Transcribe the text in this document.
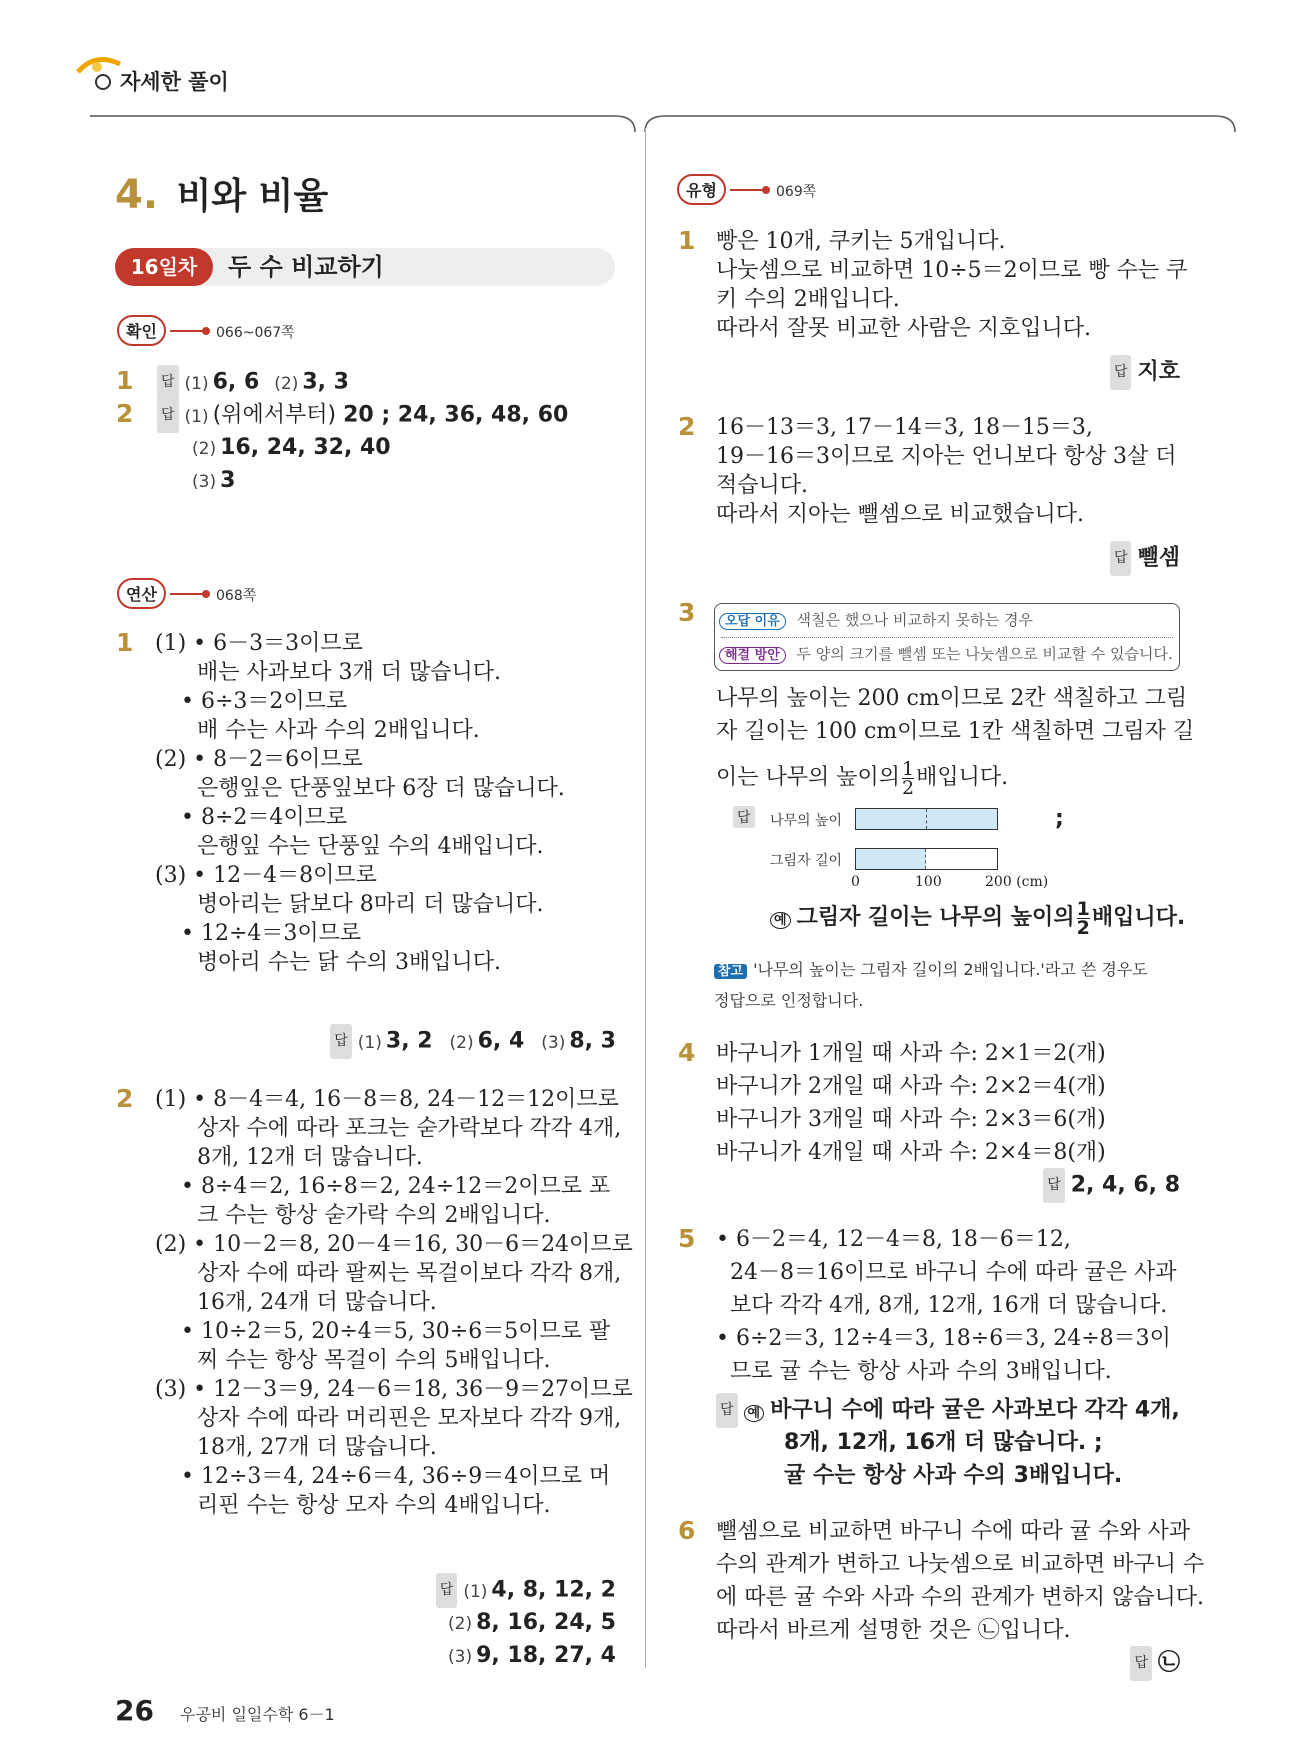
자세한 풀이
4. 비와 비율
16일차	두 수 비교하기
확인	066~067쪽
1 답 (1) 6, 6 (2) 3, 3
2 답 (1) (위에서부터) 20 ; 24, 36, 48, 60
(2) 16, 24, 32, 40
(3) 3
연산	068쪽
1 (1) • 6－3＝3이므로
배는 사과보다 3개 더 많습니다.
• 6÷3＝2이므로
배 수는 사과 수의 2배입니다.
(2) • 8－2＝6이므로
은행잎은 단풍잎보다 6장 더 많습니다.
• 8÷2＝4이므로
은행잎 수는 단풍잎 수의 4배입니다.
(3) • 12－4＝8이므로
병아리는 닭보다 8마리 더 많습니다.
• 12÷4＝3이므로
병아리 수는 닭 수의 3배입니다.
답 (1) 3, 2 (2) 6, 4 (3) 8, 3
2 (1) • 8－4＝4, 16－8＝8, 24－12＝12이므로
상자 수에 따라 포크는 숟가락보다 각각 4개,
8개, 12개 더 많습니다.
• 8÷4＝2, 16÷8＝2, 24÷12＝2이므로 포
크 수는 항상 숟가락 수의 2배입니다.
(2) • 10－2＝8, 20－4＝16, 30－6＝24이므로
상자 수에 따라 팔찌는 목걸이보다 각각 8개,
16개, 24개 더 많습니다.
• 10÷2＝5, 20÷4＝5, 30÷6＝5이므로 팔
찌 수는 항상 목걸이 수의 5배입니다.
(3) • 12－3＝9, 24－6＝18, 36－9＝27이므로
상자 수에 따라 머리핀은 모자보다 각각 9개,
18개, 27개 더 많습니다.
• 12÷3＝4, 24÷6＝4, 36÷9＝4이므로 머
리핀 수는 항상 모자 수의 4배입니다.
답 (1) 4, 8, 12, 2
(2) 8, 16, 24, 5
(3) 9, 18, 27, 4
유형	069쪽
1 빵은 10개, 쿠키는 5개입니다.
나눗셈으로 비교하면 10÷5＝2이므로 빵 수는 쿠
키 수의 2배입니다.
따라서 잘못 비교한 사람은 지호입니다.
답 지호
2 16－13＝3, 17－14＝3, 18－15＝3,
19－16＝3이므로 지아는 언니보다 항상 3살 더
적습니다.
따라서 지아는 뺄셈으로 비교했습니다.
답 뺄셈
3	오답 이유 색칠은 했으나 비교하지 못하는 경우
해결 방안 두 양의 크기를 뺄셈 또는 나눗셈으로 비교할 수 있습니다.
나무의 높이는 200 cm이므로 2칸 색칠하고 그림
자 길이는 100 cm이므로 1칸 색칠하면 그림자 길
이는 나무의 높이의 $\frac{1}{2}$ 배입니다.
답	나무의 높이
그림자 길이
0	100	200 (cm)
;
예 그림자 길이는 나무의 높이의 $\frac{1}{2}$ 배입니다.
참고 '나무의 높이는 그림자 길이의 2배입니다.'라고 쓴 경우도
정답으로 인정합니다.
4 바구니가 1개일 때 사과 수: 2×1＝2(개)
바구니가 2개일 때 사과 수: 2×2＝4(개)
바구니가 3개일 때 사과 수: 2×3＝6(개)
바구니가 4개일 때 사과 수: 2×4＝8(개)
답 2, 4, 6, 8
5 • 6－2＝4, 12－4＝8, 18－6＝12,
24－8＝16이므로 바구니 수에 따라 귤은 사과
보다 각각 4개, 8개, 12개, 16개 더 많습니다.
• 6÷2＝3, 12÷4＝3, 18÷6＝3, 24÷8＝3이
므로 귤 수는 항상 사과 수의 3배입니다.
답 예 바구니 수에 따라 귤은 사과보다 각각 4개,
8개, 12개, 16개 더 많습니다. ;
귤 수는 항상 사과 수의 3배입니다.
6 뺄셈으로 비교하면 바구니 수에 따라 귤 수와 사과
수의 관계가 변하고 나눗셈으로 비교하면 바구니 수
에 따른 귤 수와 사과 수의 관계가 변하지 않습니다.
따라서 바르게 설명한 것은 ㉡입니다.
답 ㉡
26 우공비 일일수학 6－1
